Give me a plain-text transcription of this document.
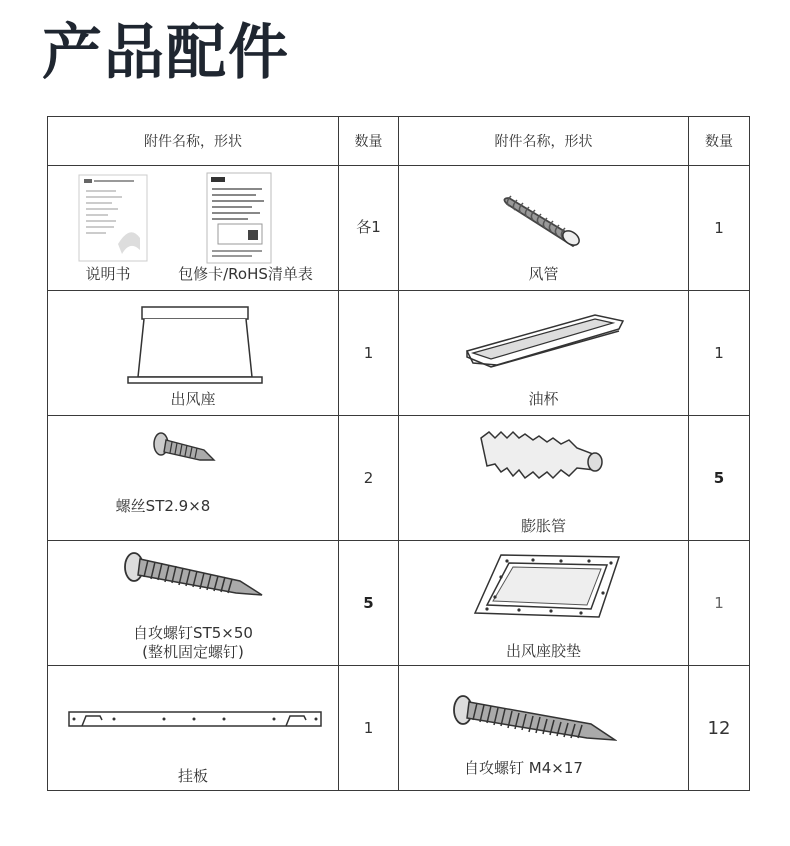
产品配件
附件名称，形状	数量	附件名称，形状	数量

说明书 包修卡/RoHS清单表	各1	风管	1

出风座	1	油杯	1

螺丝ST2.9×8	2	膨胀管	5

自攻螺钉ST5×50
(整机固定螺钉)	5	出风座胶垫	1

挂板	1	自攻螺钉 M4×17	12
